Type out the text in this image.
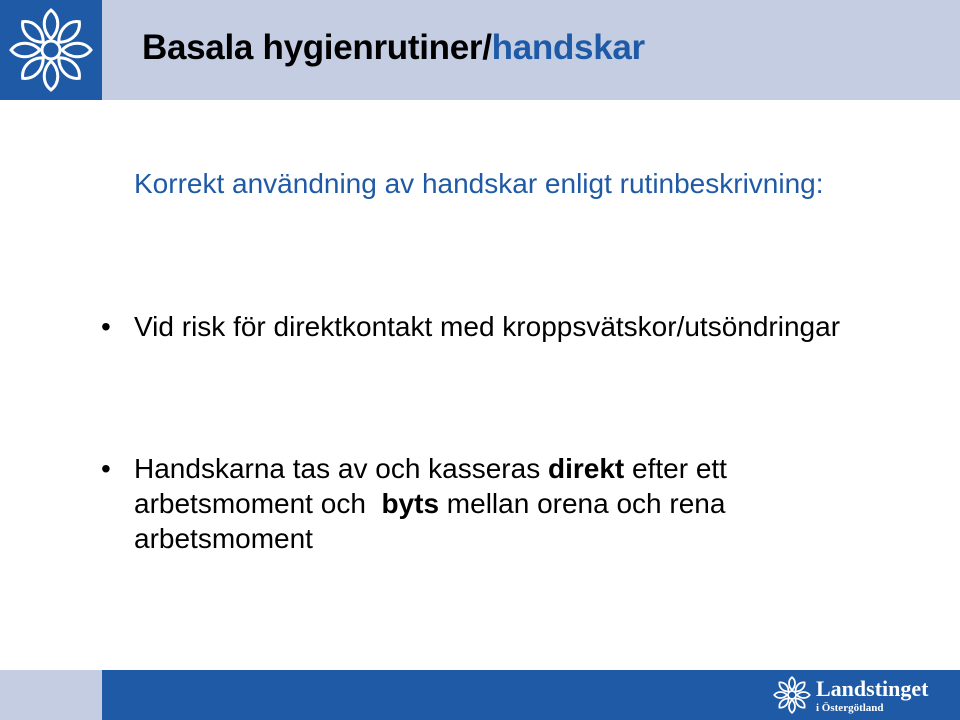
Basala hygienrutiner/handskar
Korrekt användning av handskar enligt rutinbeskrivning:
• Vid risk för direktkontakt med kroppsvätskor/utsöndringar
• Handskarna tas av och kasseras direkt efter ett arbetsmoment och  byts mellan orena och rena arbetsmoment
Landstinget
i Östergötland
